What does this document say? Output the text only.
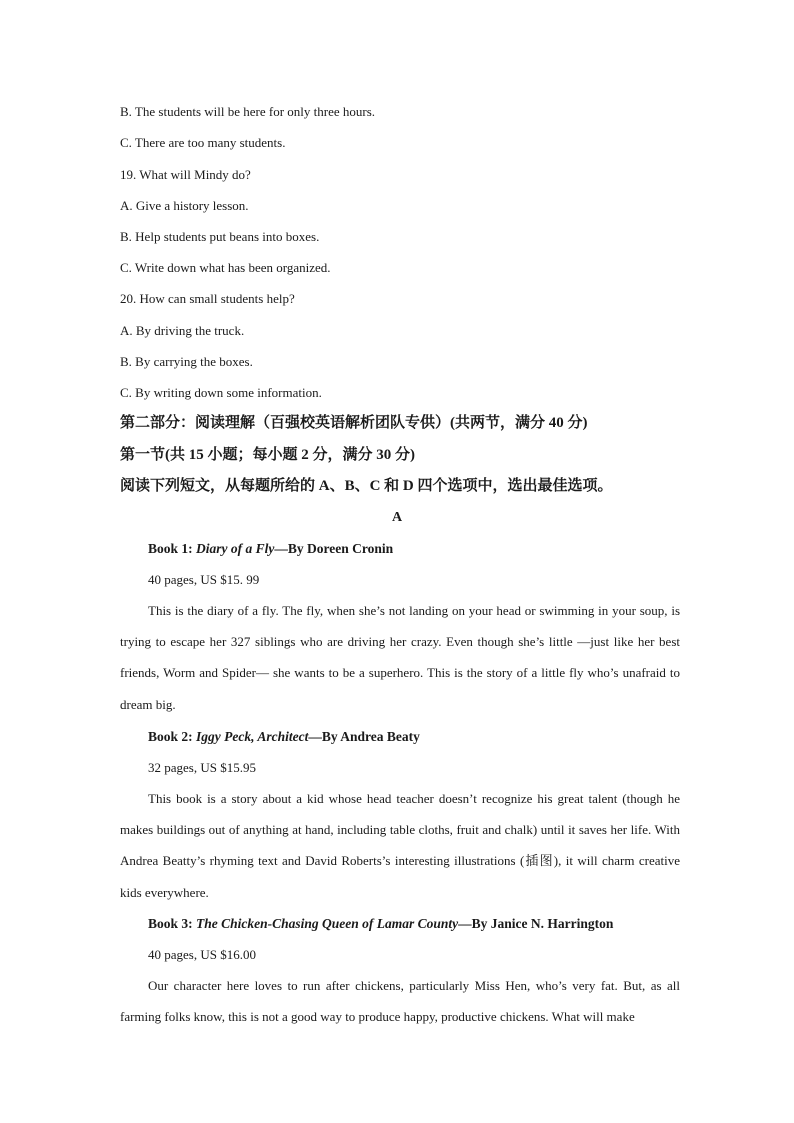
B. The students will be here for only three hours.
C. There are too many students.
19. What will Mindy do?
A. Give a history lesson.
B. Help students put beans into boxes.
C. Write down what has been organized.
20. How can small students help?
A. By driving the truck.
B. By carrying the boxes.
C. By writing down some information.
第二部分：阅读理解（百强校英语解析团队专供）(共两节，满分 40 分)
第一节(共 15 小题；每小题 2 分，满分 30 分)
阅读下列短文，从每题所给的 A、B、C 和 D 四个选项中，选出最佳选项。
A
Book 1: Diary of a Fly—By Doreen Cronin
40 pages, US $15. 99
This is the diary of a fly. The fly, when she’s not landing on your head or swimming in your soup, is trying to escape her 327 siblings who are driving her crazy. Even though she’s little —just like her best friends, Worm and Spider— she wants to be a superhero. This is the story of a little fly who’s unafraid to dream big.
Book 2: Iggy Peck, Architect—By Andrea Beaty
32 pages, US $15.95
This book is a story about a kid whose head teacher doesn’t recognize his great talent (though he makes buildings out of anything at hand, including table cloths, fruit and chalk) until it saves her life. With Andrea Beatty’s rhyming text and David Roberts’s interesting illustrations (插图), it will charm creative kids everywhere.
Book 3: The Chicken-Chasing Queen of Lamar County—By Janice N. Harrington
40 pages, US $16.00
Our character here loves to run after chickens, particularly Miss Hen, who’s very fat. But, as all farming folks know, this is not a good way to produce happy, productive chickens. What will make
